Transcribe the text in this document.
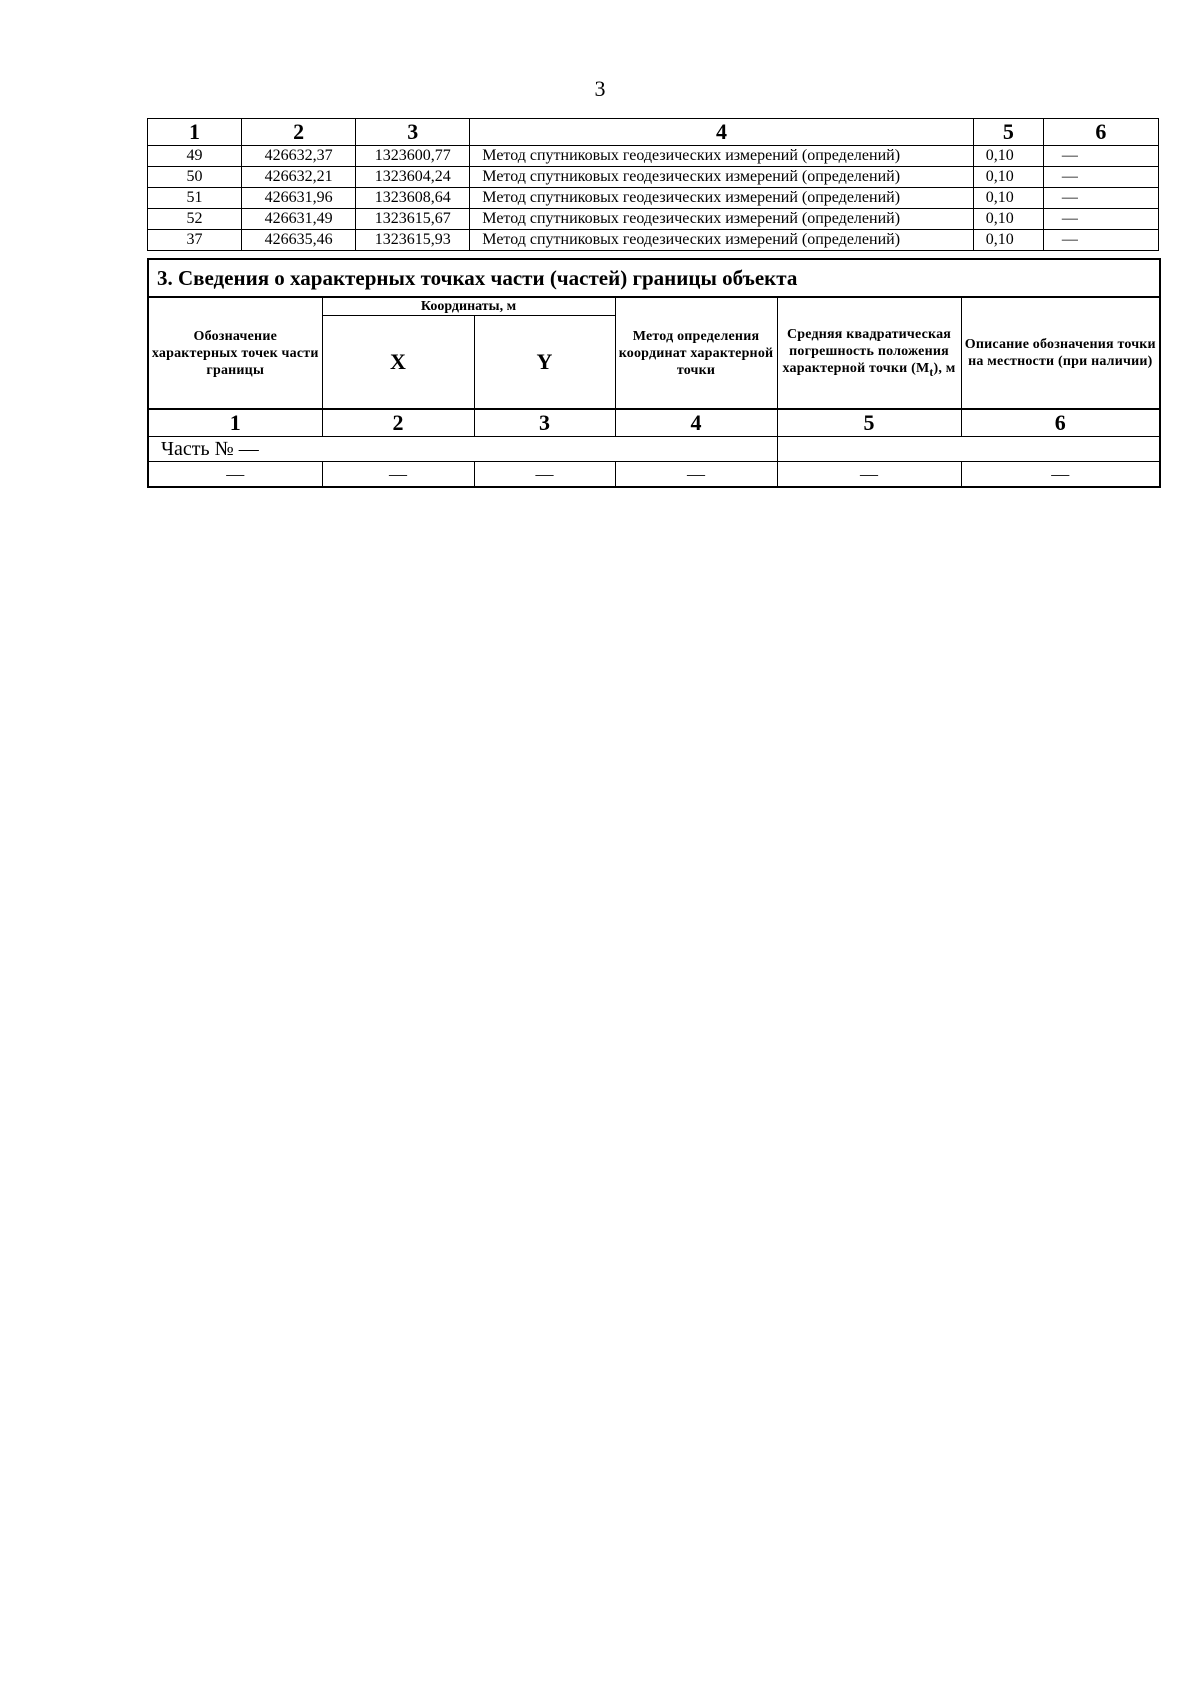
3
1	2	3	4	5	6
49	426632,37	1323600,77	Метод спутниковых геодезических измерений (определений)	0,10	—
50	426632,21	1323604,24	Метод спутниковых геодезических измерений (определений)	0,10	—
51	426631,96	1323608,64	Метод спутниковых геодезических измерений (определений)	0,10	—
52	426631,49	1323615,67	Метод спутниковых геодезических измерений (определений)	0,10	—
37	426635,46	1323615,93	Метод спутниковых геодезических измерений (определений)	0,10	—
3. Сведения о характерных точках части (частей) границы объекта					
Обозначение характерных точек части границы	Координаты, м		Метод определения координат характерной точки	Средняя квадратическая погрешность положения характерной точки $(M_t)$, м	Описание обозначения точки на местности (при наличии)
	X	Y			
1	2	3	4	5	6
Часть № —					
—	—	—	—	—	—
